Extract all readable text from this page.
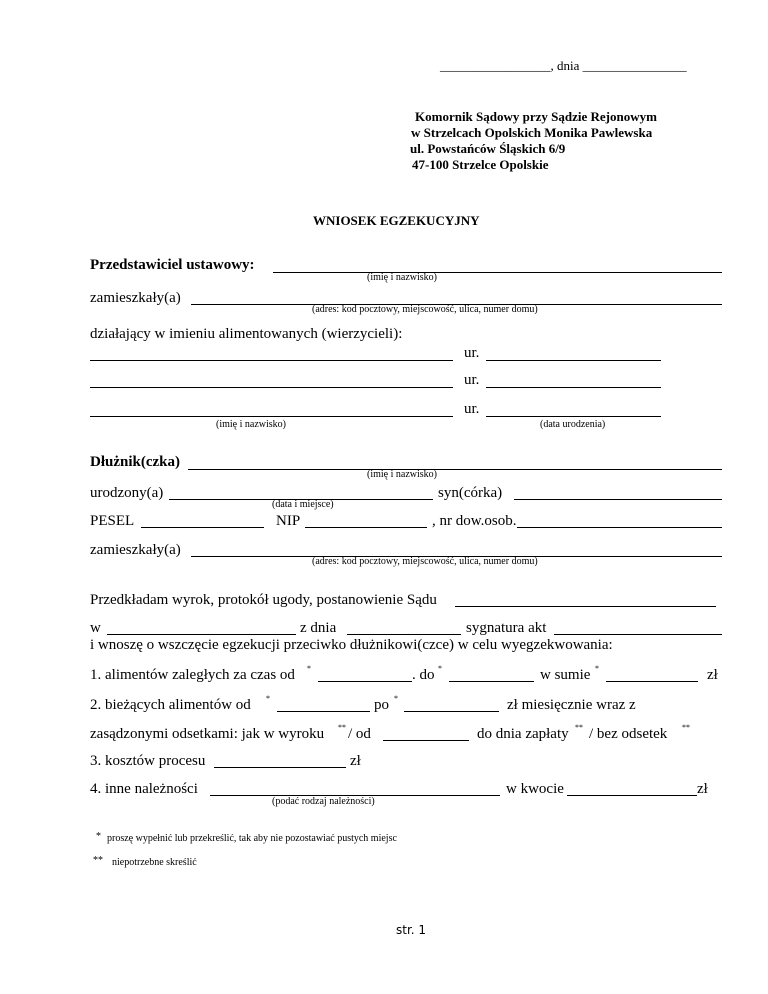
_________________, dnia ________________
Komornik Sądowy przy Sądzie Rejonowym
w Strzelcach Opolskich Monika Pawlewska
ul. Powstańców Śląskich 6/9
47-100 Strzelce Opolskie
WNIOSEK EGZEKUCYJNY
Przedstawiciel ustawowy:
(imię i nazwisko)
zamieszkały(a)
(adres: kod pocztowy, miejscowość, ulica, numer domu)
działający w imieniu alimentowanych (wierzycieli):
ur.
ur.
ur.
(imię i nazwisko)	(data urodzenia)
Dłużnik(czka)
(imię i nazwisko)
urodzony(a)
(data i miejsce)
syn(córka)
PESEL	NIP	, nr dow.osob.
zamieszkały(a)
(adres: kod pocztowy, miejscowość, ulica, numer domu)
Przedkładam wyrok, protokół ugody, postanowienie Sądu
w	z dnia	sygnatura akt
i wnoszę o wszczęcie egzekucji przeciwko dłużnikowi(czce) w celu wyegzekwowania:
1. alimentów zaległych za czas od *	. do *	w sumie *	zł
2. bieżących alimentów od *	po *	zł miesięcznie wraz z
zasądzonymi odsetkami: jak w wyroku ** / od	do dnia zapłaty ** / bez odsetek **
3. kosztów procesu	zł
4. inne należności
(podać rodzaj należności)
w kwocie	zł
* proszę wypełnić lub przekreślić, tak aby nie pozostawiać pustych miejsc
** niepotrzebne skreślić
str. 1
